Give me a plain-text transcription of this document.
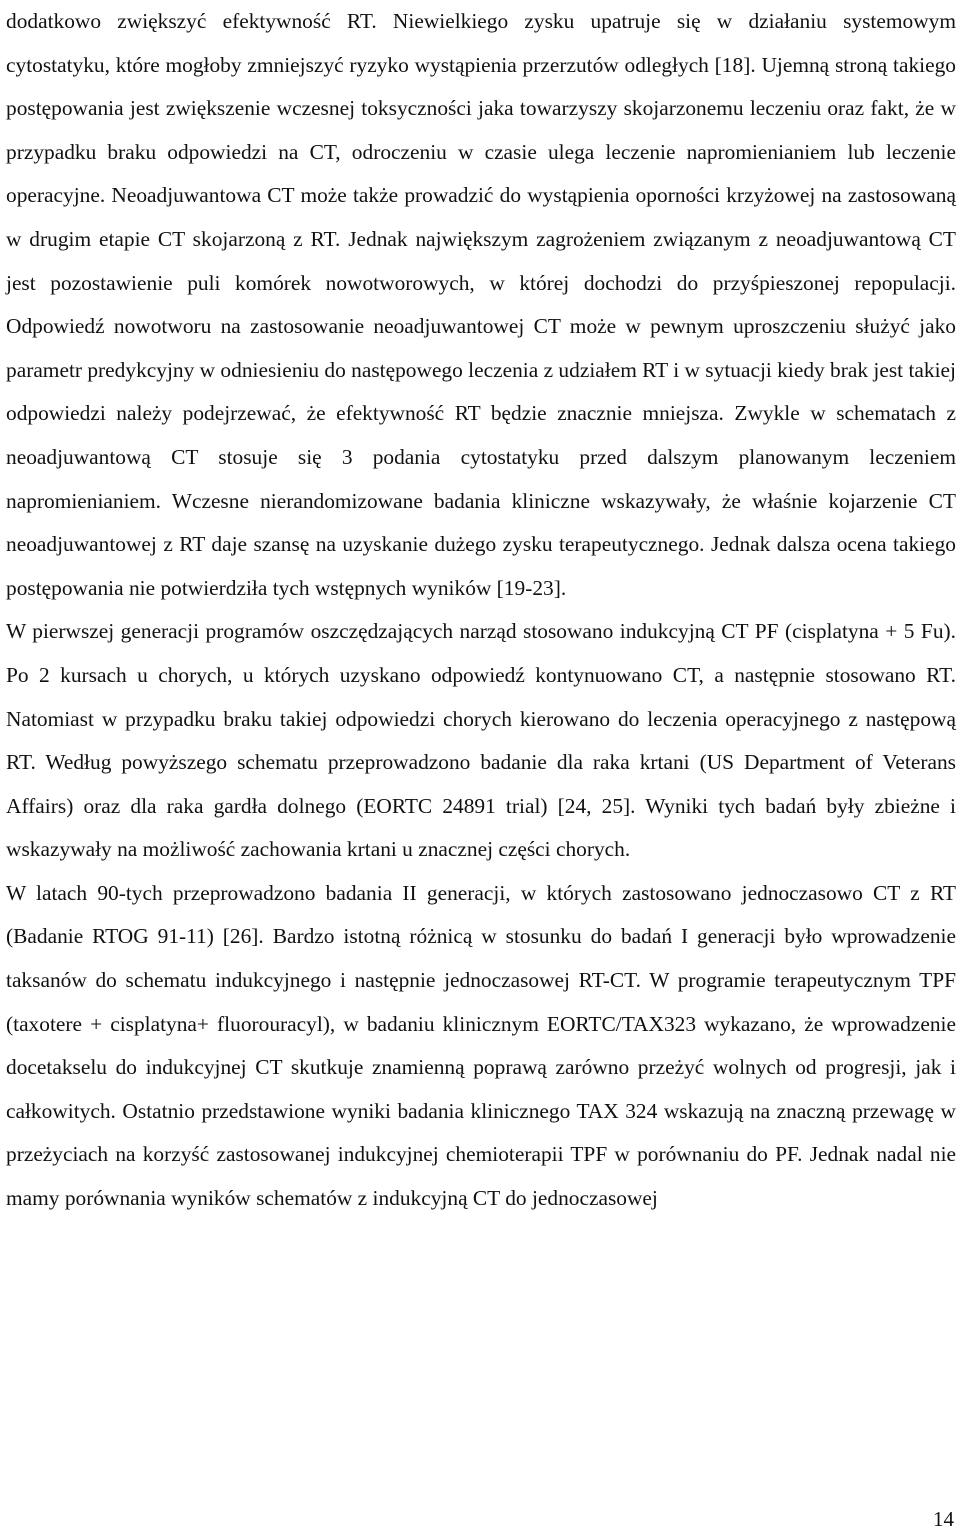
dodatkowo zwiększyć efektywność RT. Niewielkiego zysku upatruje się w działaniu systemowym cytostatyku, które mogłoby zmniejszyć ryzyko wystąpienia przerzutów odległych [18]. Ujemną stroną takiego postępowania jest zwiększenie wczesnej toksyczności jaka towarzyszy skojarzonemu leczeniu oraz fakt, że w przypadku braku odpowiedzi na CT, odroczeniu w czasie ulega leczenie napromienianiem lub leczenie operacyjne. Neoadjuwantowa CT może także prowadzić do wystąpienia oporności krzyżowej na zastosowaną w drugim etapie CT skojarzoną z RT. Jednak największym zagrożeniem związanym z neoadjuwantową CT jest pozostawienie puli komórek nowotworowych, w której dochodzi do przyśpieszonej repopulacji. Odpowiedź nowotworu na zastosowanie neoadjuwantowej CT może w pewnym uproszczeniu służyć jako parametr predykcyjny w odniesieniu do następowego leczenia z udziałem RT i w sytuacji kiedy brak jest takiej odpowiedzi należy podejrzewać, że efektywność RT będzie znacznie mniejsza. Zwykle w schematach z neoadjuwantową CT stosuje się 3 podania cytostatyku przed dalszym planowanym leczeniem napromienianiem. Wczesne nierandomizowane badania kliniczne wskazywały, że właśnie kojarzenie CT neoadjuwantowej z RT daje szansę na uzyskanie dużego zysku terapeutycznego. Jednak dalsza ocena takiego postępowania nie potwierdziła tych wstępnych wyników [19-23].

W pierwszej generacji programów oszczędzających narząd stosowano indukcyjną CT PF (cisplatyna + 5 Fu). Po 2 kursach u chorych, u których uzyskano odpowiedź kontynuowano CT, a następnie stosowano RT. Natomiast w przypadku braku takiej odpowiedzi chorych kierowano do leczenia operacyjnego z następową RT. Według powyższego schematu przeprowadzono badanie dla raka krtani (US Department of Veterans Affairs) oraz dla raka gardła dolnego (EORTC 24891 trial) [24, 25]. Wyniki tych badań były zbieżne i wskazywały na możliwość zachowania krtani u znacznej części chorych.

W latach 90-tych przeprowadzono badania II generacji, w których zastosowano jednoczasowo CT z RT (Badanie RTOG 91-11) [26]. Bardzo istotną różnicą w stosunku do badań I generacji było wprowadzenie taksanów do schematu indukcyjnego i następnie jednoczasowej RT-CT. W programie terapeutycznym TPF (taxotere + cisplatyna+ fluorouracyl), w badaniu klinicznym EORTC/TAX323 wykazano, że wprowadzenie docetakselu do indukcyjnej CT skutkuje znamienną poprawą zarówno przeżyć wolnych od progresji, jak i całkowitych. Ostatnio przedstawione wyniki badania klinicznego TAX 324 wskazują na znaczną przewagę w przeżyciach na korzyść zastosowanej indukcyjnej chemioterapii TPF w porównaniu do PF. Jednak nadal nie mamy porównania wyników schematów z indukcyjną CT do jednoczasowej

14
